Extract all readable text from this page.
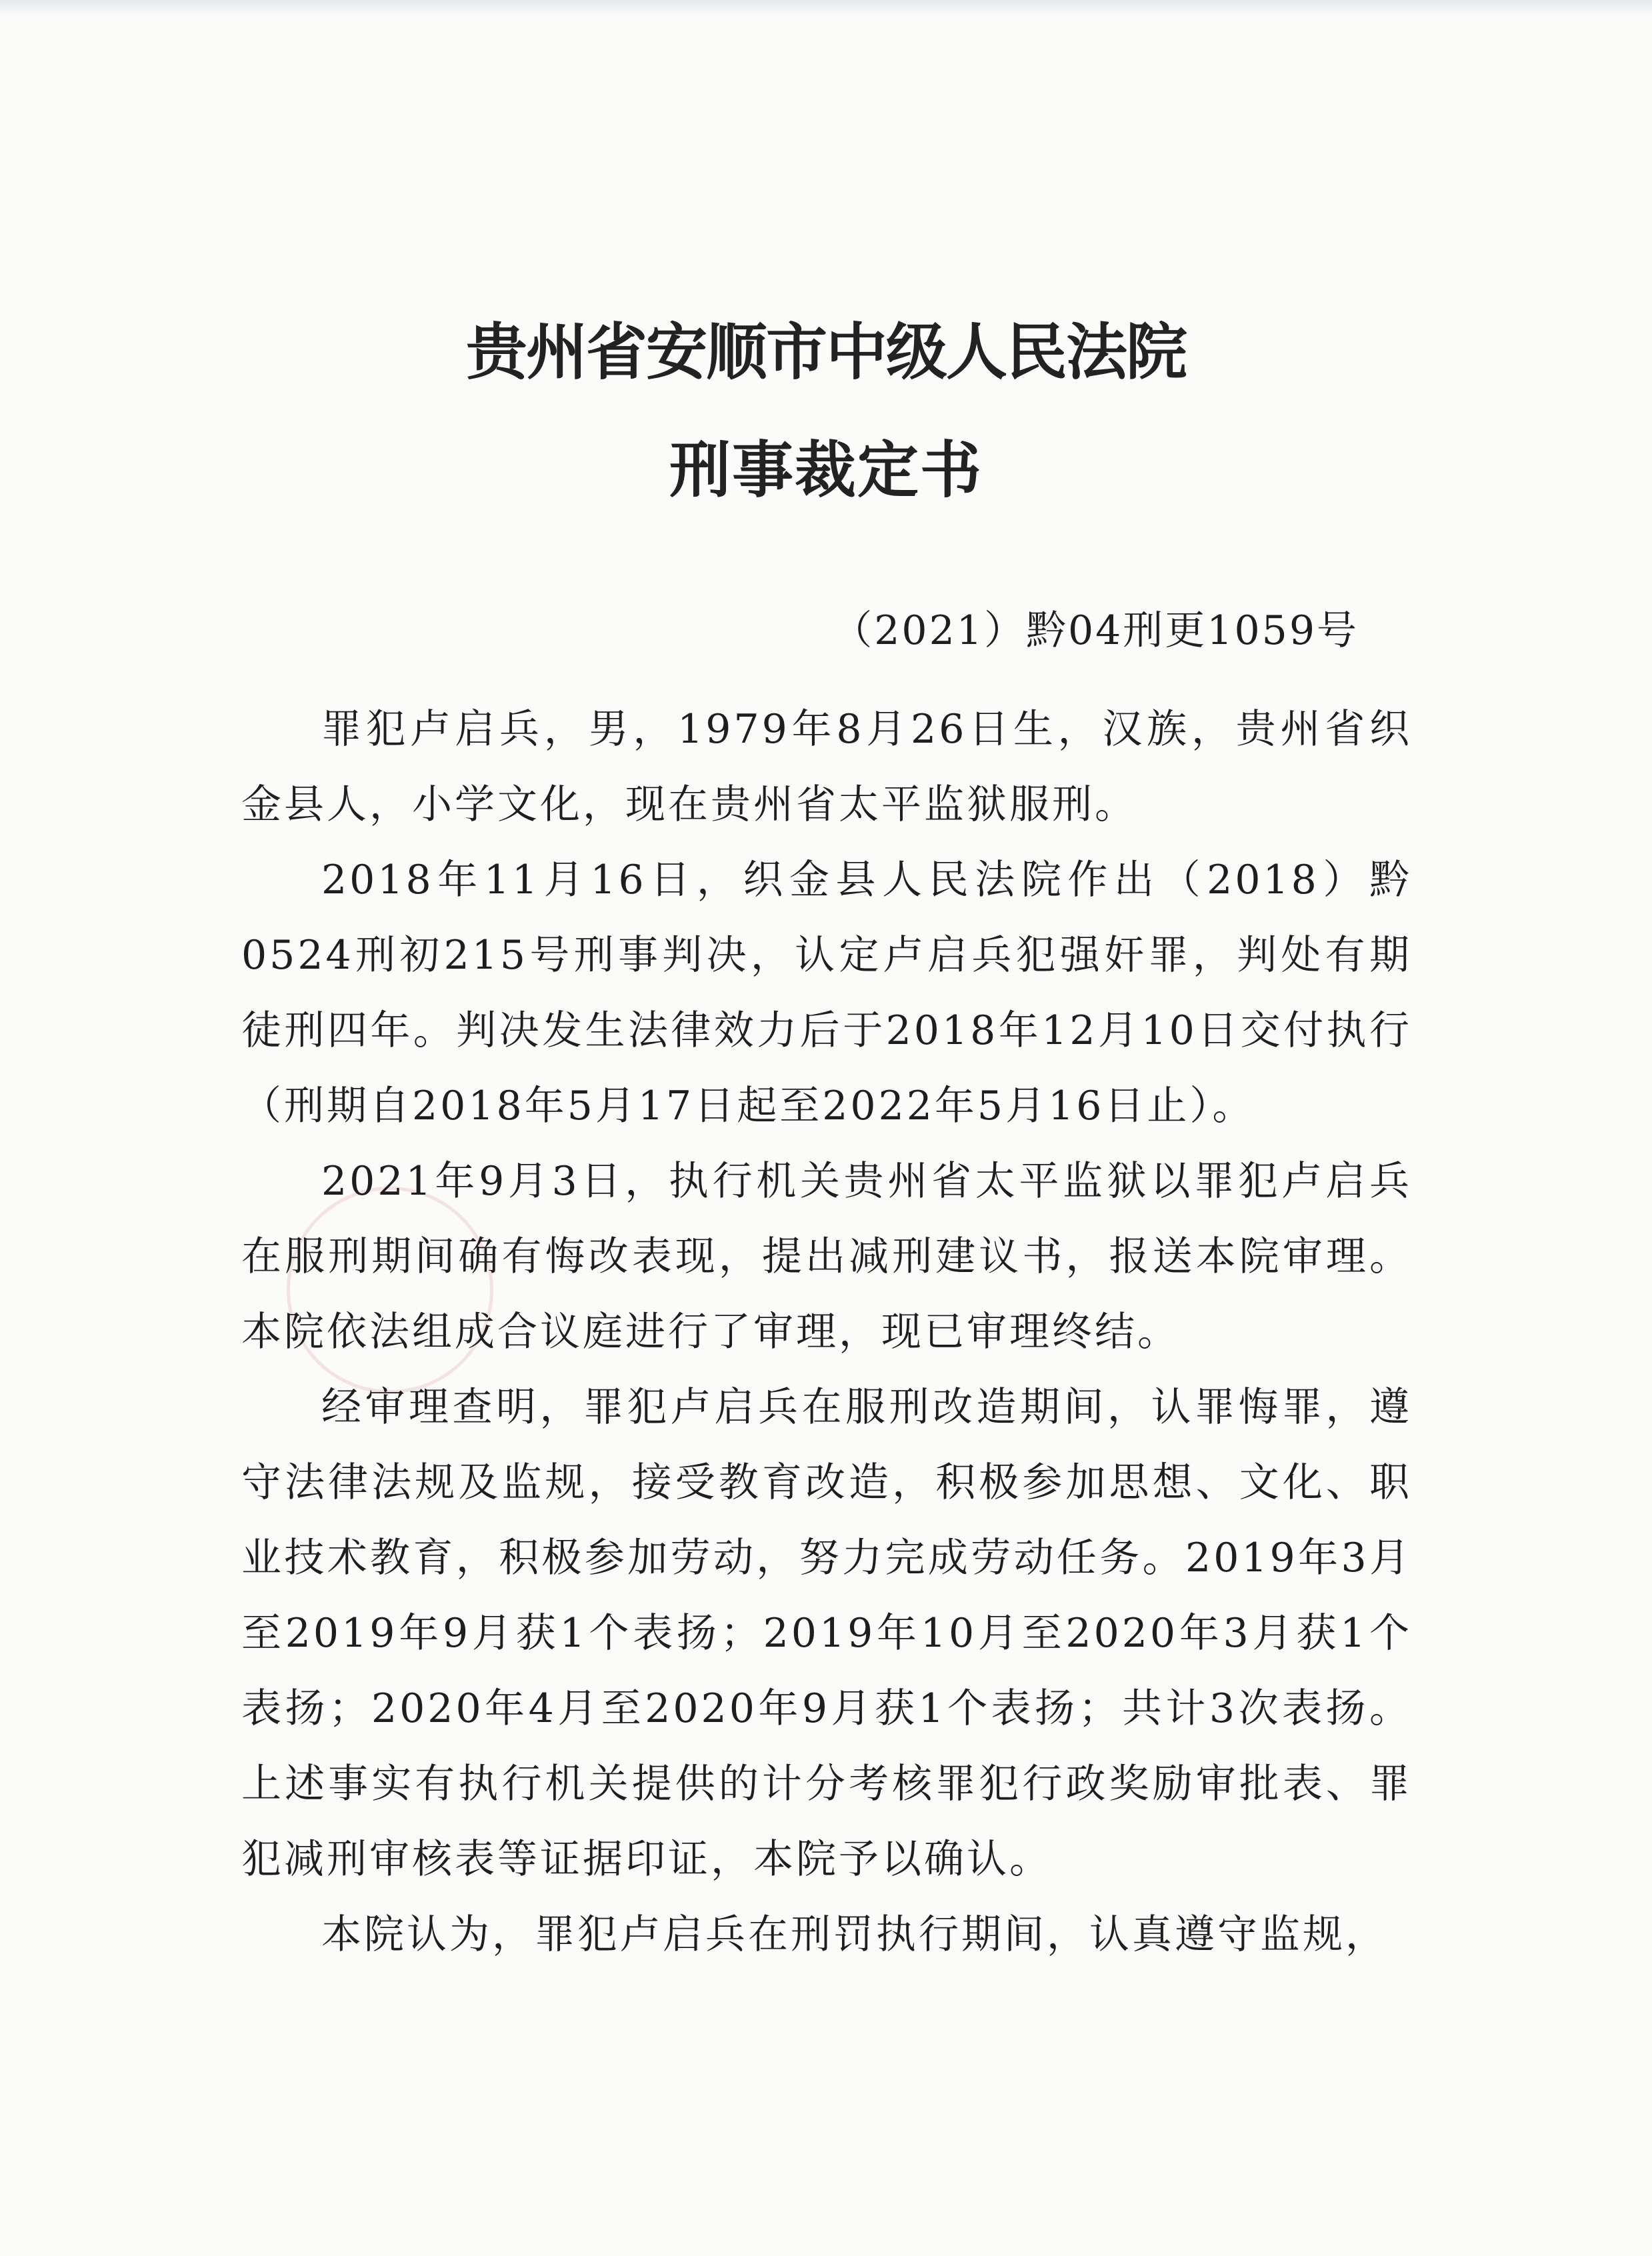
贵州省安顺市中级人民法院
刑事裁定书

（2021）黔04刑更1059号

罪犯卢启兵，男，1979年8月26日生，汉族，贵州省织金县人，小学文化，现在贵州省太平监狱服刑。

2018年11月16日，织金县人民法院作出（2018）黔0524刑初215号刑事判决，认定卢启兵犯强奸罪，判处有期徒刑四年。判决发生法律效力后于2018年12月10日交付执行（刑期自2018年5月17日起至2022年5月16日止）。

2021年9月3日，执行机关贵州省太平监狱以罪犯卢启兵在服刑期间确有悔改表现，提出减刑建议书，报送本院审理。本院依法组成合议庭进行了审理，现已审理终结。

经审理查明，罪犯卢启兵在服刑改造期间，认罪悔罪，遵守法律法规及监规，接受教育改造，积极参加思想、文化、职业技术教育，积极参加劳动，努力完成劳动任务。2019年3月至2019年9月获1个表扬；2019年10月至2020年3月获1个表扬；2020年4月至2020年9月获1个表扬；共计3次表扬。上述事实有执行机关提供的计分考核罪犯行政奖励审批表、罪犯减刑审核表等证据印证，本院予以确认。

本院认为，罪犯卢启兵在刑罚执行期间，认真遵守监规，
